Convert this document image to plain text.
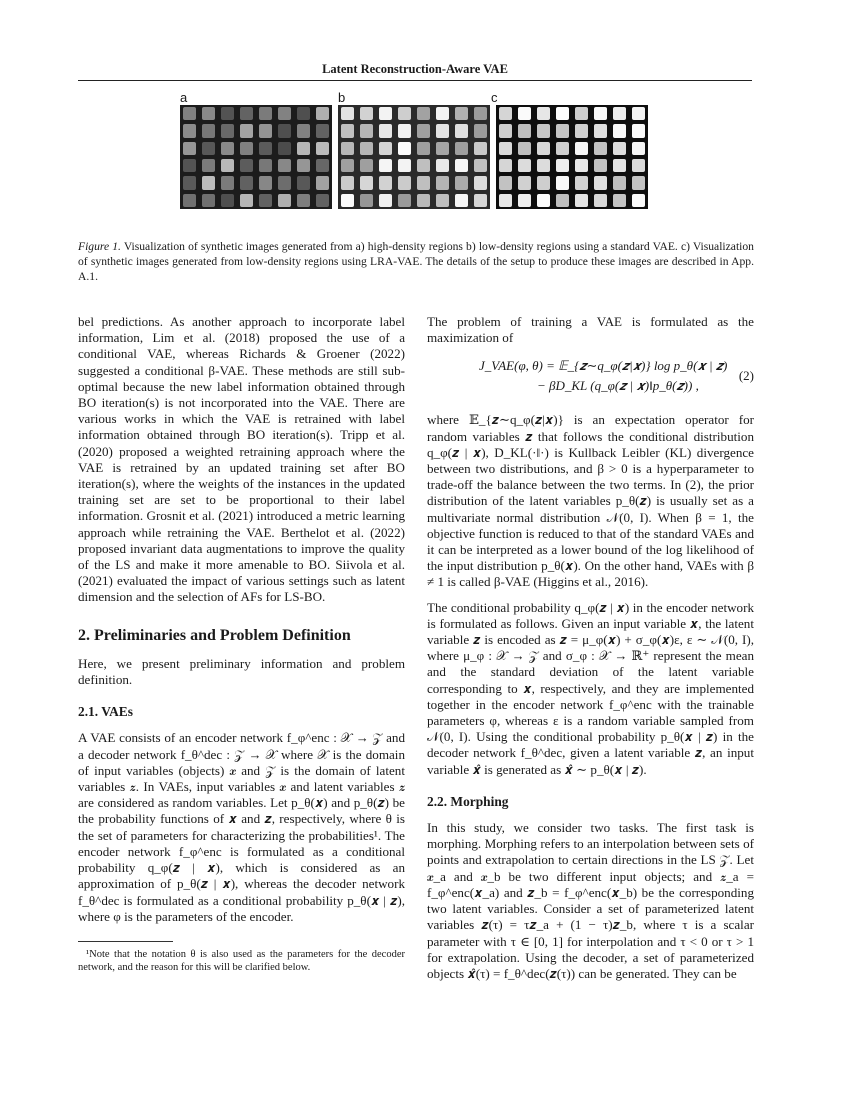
Latent Reconstruction-Aware VAE
a	b	c
Figure 1. Visualization of synthetic images generated from a) high-density regions b) low-density regions using a standard VAE. c) Visualization of synthetic images generated from low-density regions using LRA-VAE. The details of the setup to produce these images are described in App. A.1.

bel predictions. As another approach to incorporate label information, Lim et al. (2018) proposed the use of a conditional VAE, whereas Richards & Groener (2022) suggested a conditional β-VAE. These methods are still sub-optimal because the new label information obtained through BO iteration(s) is not incorporated into the VAE. There are various works in which the VAE is retrained with label information obtained through BO iteration(s). Tripp et al. (2020) proposed a weighted retraining approach where the VAE is retrained by an updated training set after BO iteration(s), where the weights of the instances in the updated training set are set to be proportional to their label information. Grosnit et al. (2021) introduced a metric learning approach while retraining the VAE. Berthelot et al. (2022) proposed invariant data augmentations to improve the quality of the LS and make it more amenable to BO. Siivola et al. (2021) evaluated the impact of various settings such as latent dimension and the selection of AFs for LS-BO.

2. Preliminaries and Problem Definition

Here, we present preliminary information and problem definition.

2.1. VAEs

A VAE consists of an encoder network f_φ^enc : 𝒳 → 𝒵 and a decoder network f_θ^dec : 𝒵 → 𝒳 where 𝒳 is the domain of input variables (objects) 𝒙 and 𝒵 is the domain of latent variables 𝒛. In VAEs, input variables 𝒙 and latent variables 𝒛 are considered as random variables. Let p_θ(𝒙) and p_θ(𝒛) be the probability functions of 𝒙 and 𝒛, respectively, where θ is the set of parameters for characterizing the probabilities¹. The encoder network f_φ^enc is formulated as a conditional probability q_φ(𝒛 | 𝒙), which is considered as an approximation of p_θ(𝒛 | 𝒙), whereas the decoder network f_θ^dec is formulated as a conditional probability p_θ(𝒙 | 𝒛), where φ is the parameters of the encoder.

¹Note that the notation θ is also used as the parameters for the decoder network, and the reason for this will be clarified below.

The problem of training a VAE is formulated as the maximization of

J_VAE(φ, θ) = 𝔼_{𝒛∼q_φ(𝒛|𝒙)} log p_θ(𝒙 | 𝒛)
− βD_KL (q_φ(𝒛 | 𝒙)‖p_θ(𝒛)) ,
(2)

where 𝔼_{𝒛∼q_φ(𝒛|𝒙)} is an expectation operator for random variables 𝒛 that follows the conditional distribution q_φ(𝒛 | 𝒙), D_KL(·‖·) is Kullback Leibler (KL) divergence between two distributions, and β > 0 is a hyperparameter to trade-off the balance between the two terms. In (2), the prior distribution of the latent variables p_θ(𝒛) is usually set as a multivariate normal distribution 𝒩(0, I). When β = 1, the objective function is reduced to that of the standard VAEs and it can be interpreted as a lower bound of the log likelihood of the input distribution p_θ(𝒙). On the other hand, VAEs with β ≠ 1 is called β-VAE (Higgins et al., 2016).

The conditional probability q_φ(𝒛 | 𝒙) in the encoder network is formulated as follows. Given an input variable 𝒙, the latent variable 𝒛 is encoded as 𝒛 = μ_φ(𝒙) + σ_φ(𝒙)ε, ε ∼ 𝒩(0, I), where μ_φ : 𝒳 → 𝒵 and σ_φ : 𝒳 → ℝ⁺ represent the mean and the standard deviation of the latent variable corresponding to 𝒙, respectively, and they are implemented together in the encoder network f_φ^enc with the trainable parameters φ, whereas ε is a random variable sampled from 𝒩(0, I). Using the conditional probability p_θ(𝒙 | 𝒛) in the decoder network f_θ^dec, given a latent variable 𝒛, an input variable 𝒙̂ is generated as 𝒙̂ ∼ p_θ(𝒙 | 𝒛).

2.2. Morphing

In this study, we consider two tasks. The first task is morphing. Morphing refers to an interpolation between sets of points and extrapolation to certain directions in the LS 𝒵. Let 𝒙_a and 𝒙_b be two different input objects; and 𝒛_a = f_φ^enc(𝒙_a) and 𝒛_b = f_φ^enc(𝒙_b) be the corresponding two latent variables. Consider a set of parameterized latent variables 𝒛(τ) = τ𝒛_a + (1 − τ)𝒛_b, where τ is a scalar parameter with τ ∈ [0, 1] for interpolation and τ < 0 or τ > 1 for extrapolation. Using the decoder, a set of parameterized objects 𝒙̂(τ) = f_θ^dec(𝒛(τ)) can be generated. They can be
